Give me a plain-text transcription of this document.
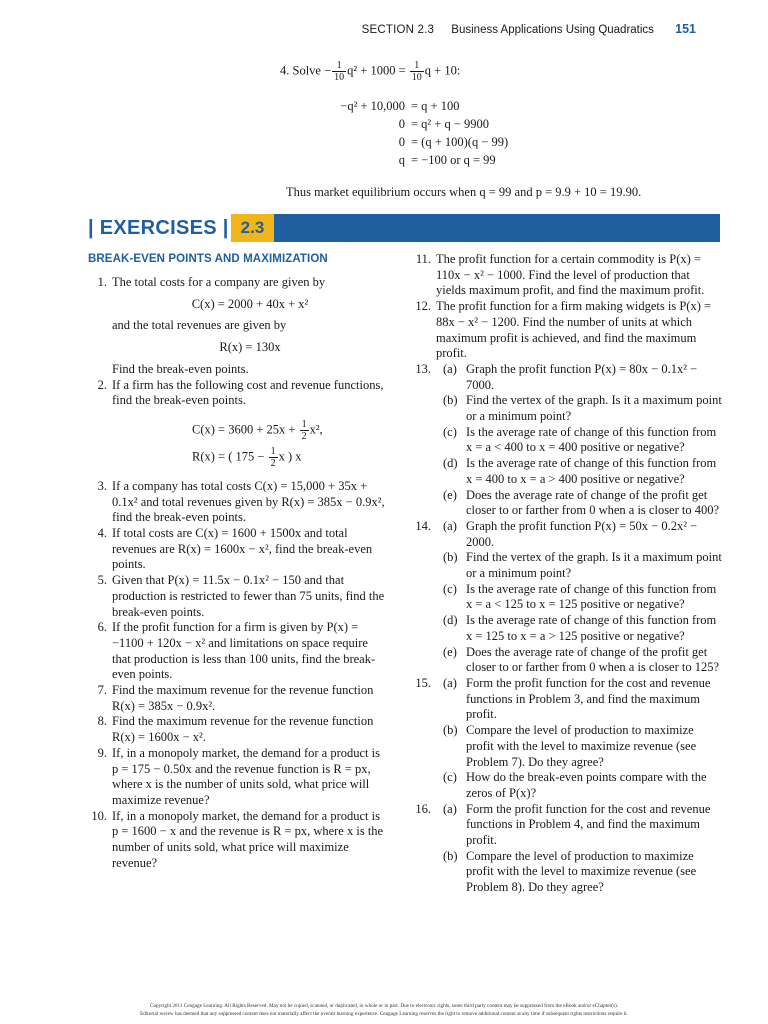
SECTION 2.3 Business Applications Using Quadratics 151
4. Solve − $\frac{1}{10} q^2 + 1000 = \frac{1}{10}$ q + 10:
−q² + 10,000 = q + 100
0 = q² + q − 9900
0 = (q + 100)(q − 99)
q = −100 or q = 99
Thus market equilibrium occurs when q = 99 and p = 9.9 + 10 = 19.90.
| EXERCISES | 2.3
BREAK-EVEN POINTS AND MAXIMIZATION
1. The total costs for a company are given by
C(x) = 2000 + 40x + x²
and the total revenues are given by
R(x) = 130x
Find the break-even points.
2. If a firm has the following cost and revenue functions, find the break-even points.
$C(x) = 3600 + 25x + \frac{1}{2} x^2$,
R(x) = ( $175 - \frac{1}{2}$ x ) x
3. If a company has total costs C(x) = 15,000 + 35x + 0.1x² and total revenues given by R(x) = 385x − 0.9x², find the break-even points.
4. If total costs are C(x) = 1600 + 1500x and total revenues are R(x) = 1600x − x², find the break-even points.
5. Given that P(x) = 11.5x − 0.1x² − 150 and that production is restricted to fewer than 75 units, find the break-even points.
6. If the profit function for a firm is given by P(x) = −1100 + 120x − x² and limitations on space require that production is less than 100 units, find the break-even points.
7. Find the maximum revenue for the revenue function R(x) = 385x − 0.9x².
8. Find the maximum revenue for the revenue function R(x) = 1600x − x².
9. If, in a monopoly market, the demand for a product is p = 175 − 0.50x and the revenue function is R = px, where x is the number of units sold, what price will maximize revenue?
10. If, in a monopoly market, the demand for a product is p = 1600 − x and the revenue is R = px, where x is the number of units sold, what price will maximize revenue?
11. The profit function for a certain commodity is P(x) = 110x − x² − 1000. Find the level of production that yields maximum profit, and find the maximum profit.
12. The profit function for a firm making widgets is P(x) = 88x − x² − 1200. Find the number of units at which maximum profit is achieved, and find the maximum profit.
13. (a) Graph the profit function P(x) = 80x − 0.1x² − 7000.
(b) Find the vertex of the graph. Is it a maximum point or a minimum point?
(c) Is the average rate of change of this function from x = a < 400 to x = 400 positive or negative?
(d) Is the average rate of change of this function from x = 400 to x = a > 400 positive or negative?
(e) Does the average rate of change of the profit get closer to or farther from 0 when a is closer to 400?
14. (a) Graph the profit function P(x) = 50x − 0.2x² − 2000.
(b) Find the vertex of the graph. Is it a maximum point or a minimum point?
(c) Is the average rate of change of this function from x = a < 125 to x = 125 positive or negative?
(d) Is the average rate of change of this function from x = 125 to x = a > 125 positive or negative?
(e) Does the average rate of change of the profit get closer to or farther from 0 when a is closer to 125?
15. (a) Form the profit function for the cost and revenue functions in Problem 3, and find the maximum profit.
(b) Compare the level of production to maximize profit with the level to maximize revenue (see Problem 7). Do they agree?
(c) How do the break-even points compare with the zeros of P(x)?
16. (a) Form the profit function for the cost and revenue functions in Problem 4, and find the maximum profit.
(b) Compare the level of production to maximize profit with the level to maximize revenue (see Problem 8). Do they agree?
Copyright 2011 Cengage Learning. All Rights Reserved. May not be copied, scanned, or duplicated, in whole or in part. Due to electronic rights, some third party content may be suppressed from the eBook and/or eChapter(s).
Editorial review has deemed that any suppressed content does not materially affect the overall learning experience. Cengage Learning reserves the right to remove additional content at any time if subsequent rights restrictions require it.
